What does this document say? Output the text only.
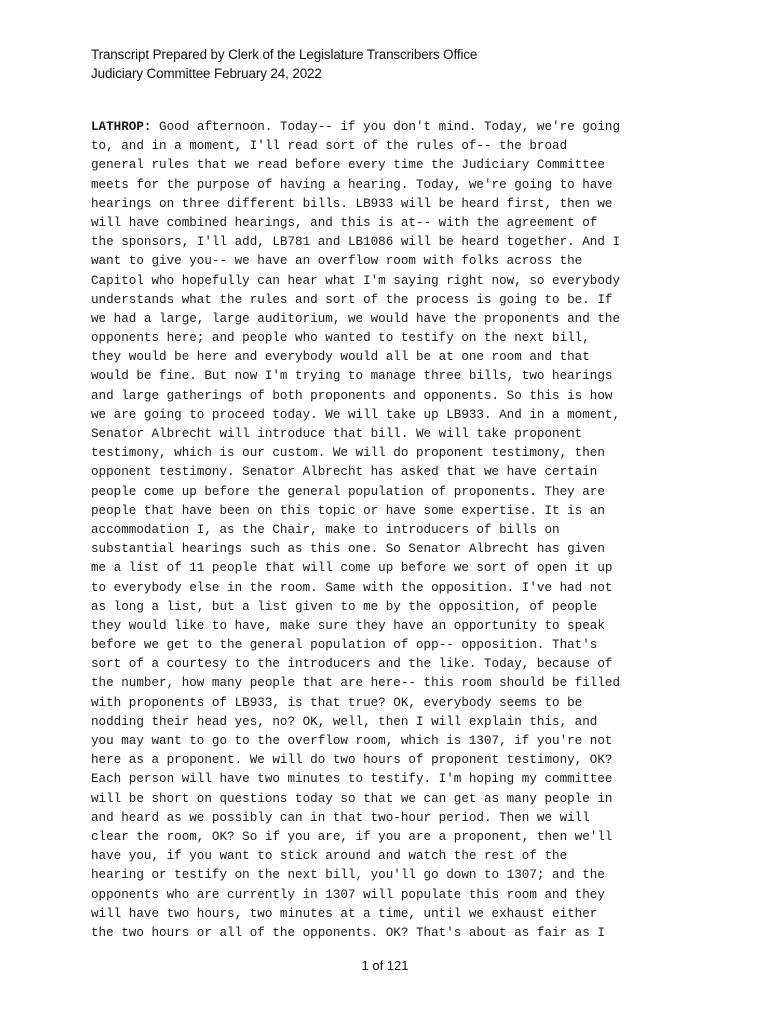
Transcript Prepared by Clerk of the Legislature Transcribers Office
Judiciary Committee February 24, 2022
LATHROP: Good afternoon. Today-- if you don't mind. Today, we're going
to, and in a moment, I'll read sort of the rules of-- the broad
general rules that we read before every time the Judiciary Committee
meets for the purpose of having a hearing. Today, we're going to have
hearings on three different bills. LB933 will be heard first, then we
will have combined hearings, and this is at-- with the agreement of
the sponsors, I'll add, LB781 and LB1086 will be heard together. And I
want to give you-- we have an overflow room with folks across the
Capitol who hopefully can hear what I'm saying right now, so everybody
understands what the rules and sort of the process is going to be. If
we had a large, large auditorium, we would have the proponents and the
opponents here; and people who wanted to testify on the next bill,
they would be here and everybody would all be at one room and that
would be fine. But now I'm trying to manage three bills, two hearings
and large gatherings of both proponents and opponents. So this is how
we are going to proceed today. We will take up LB933. And in a moment,
Senator Albrecht will introduce that bill. We will take proponent
testimony, which is our custom. We will do proponent testimony, then
opponent testimony. Senator Albrecht has asked that we have certain
people come up before the general population of proponents. They are
people that have been on this topic or have some expertise. It is an
accommodation I, as the Chair, make to introducers of bills on
substantial hearings such as this one. So Senator Albrecht has given
me a list of 11 people that will come up before we sort of open it up
to everybody else in the room. Same with the opposition. I've had not
as long a list, but a list given to me by the opposition, of people
they would like to have, make sure they have an opportunity to speak
before we get to the general population of opp-- opposition. That's
sort of a courtesy to the introducers and the like. Today, because of
the number, how many people that are here-- this room should be filled
with proponents of LB933, is that true? OK, everybody seems to be
nodding their head yes, no? OK, well, then I will explain this, and
you may want to go to the overflow room, which is 1307, if you're not
here as a proponent. We will do two hours of proponent testimony, OK?
Each person will have two minutes to testify. I'm hoping my committee
will be short on questions today so that we can get as many people in
and heard as we possibly can in that two-hour period. Then we will
clear the room, OK? So if you are, if you are a proponent, then we'll
have you, if you want to stick around and watch the rest of the
hearing or testify on the next bill, you'll go down to 1307; and the
opponents who are currently in 1307 will populate this room and they
will have two hours, two minutes at a time, until we exhaust either
the two hours or all of the opponents. OK? That's about as fair as I
1 of 121
